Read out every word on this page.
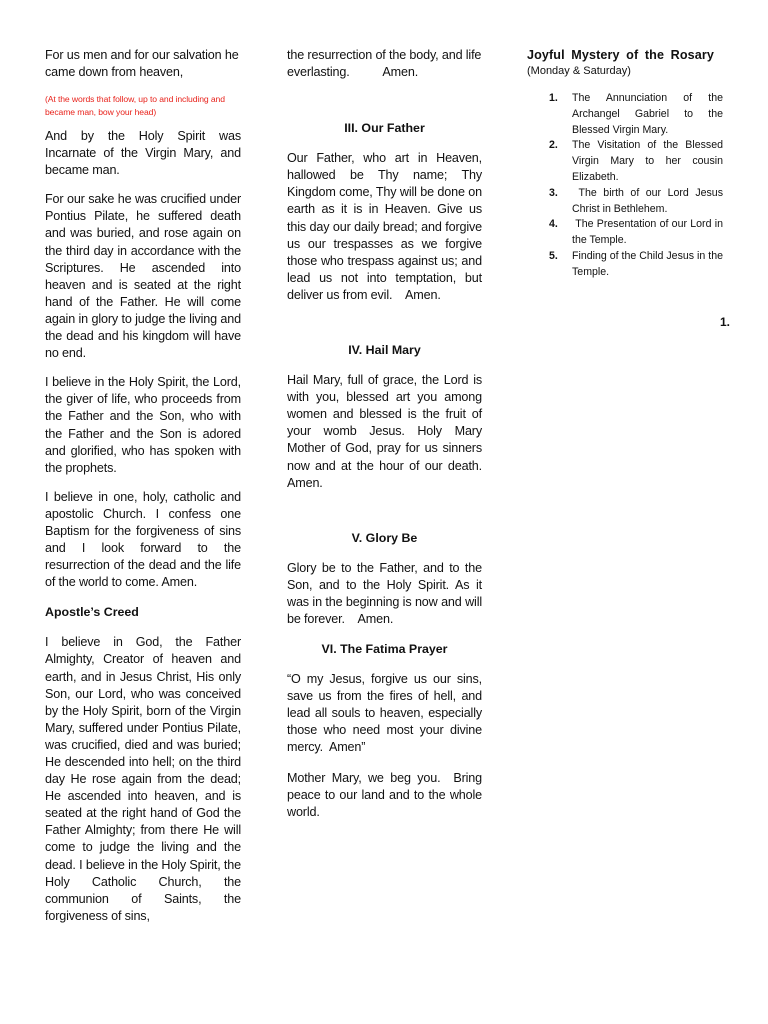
For us men and for our salvation he came down from heaven,

(At the words that follow, up to and including and became man, bow your head)

And by the Holy Spirit was Incarnate of the Virgin Mary, and became man.

For our sake he was crucified under Pontius Pilate, he suffered death and was buried, and rose again on the third day in accordance with the Scriptures. He ascended into heaven and is seated at the right hand of the Father. He will come again in glory to judge the living and the dead and his kingdom will have no end.

I believe in the Holy Spirit, the Lord, the giver of life, who proceeds from the Father and the Son, who with the Father and the Son is adored and glorified, who has spoken with the prophets.

I believe in one, holy, catholic and apostolic Church. I confess one Baptism for the forgiveness of sins and I look forward to the resurrection of the dead and the life of the world to come. Amen.

Apostle’s Creed

I believe in God, the Father Almighty, Creator of heaven and earth, and in Jesus Christ, His only Son, our Lord, who was conceived by the Holy Spirit, born of the Virgin Mary, suffered under Pontius Pilate, was crucified, died and was buried; He descended into hell; on the third day He rose again from the dead; He ascended into heaven, and is seated at the right hand of God the Father Almighty; from there He will come to judge the living and the dead. I believe in the Holy Spirit, the Holy Catholic Church, the communion of Saints, the forgiveness of sins,

the resurrection of the body, and life everlasting.          Amen.

III. Our Father

Our Father, who art in Heaven, hallowed be Thy name; Thy Kingdom come, Thy will be done on earth as it is in Heaven. Give us this day our daily bread; and forgive us our trespasses as we forgive those who trespass against us; and lead us not into temptation, but deliver us from evil.    Amen.

IV. Hail Mary

Hail Mary, full of grace, the Lord is with you, blessed art you among women and blessed is the fruit of your womb Jesus. Holy Mary Mother of God, pray for us sinners now and at the hour of our death. Amen.

V. Glory Be

Glory be to the Father, and to the Son, and to the Holy Spirit. As it was in the beginning is now and will be forever.    Amen.

VI. The Fatima Prayer

“O my Jesus, forgive us our sins, save us from the fires of hell, and lead all souls to heaven, especially those who need most your divine mercy.  Amen”

Mother Mary, we beg you.  Bring peace to our land and to the whole world.

Joyful Mystery of the Rosary
(Monday & Saturday)
1. The Annunciation of the Archangel Gabriel to the Blessed Virgin Mary.
2. The Visitation of the Blessed Virgin Mary to her cousin Elizabeth.
3. The birth of our Lord Jesus Christ in Bethlehem.
4. The Presentation of our Lord in the Temple.
5. Finding of the Child Jesus in the Temple.
1.
